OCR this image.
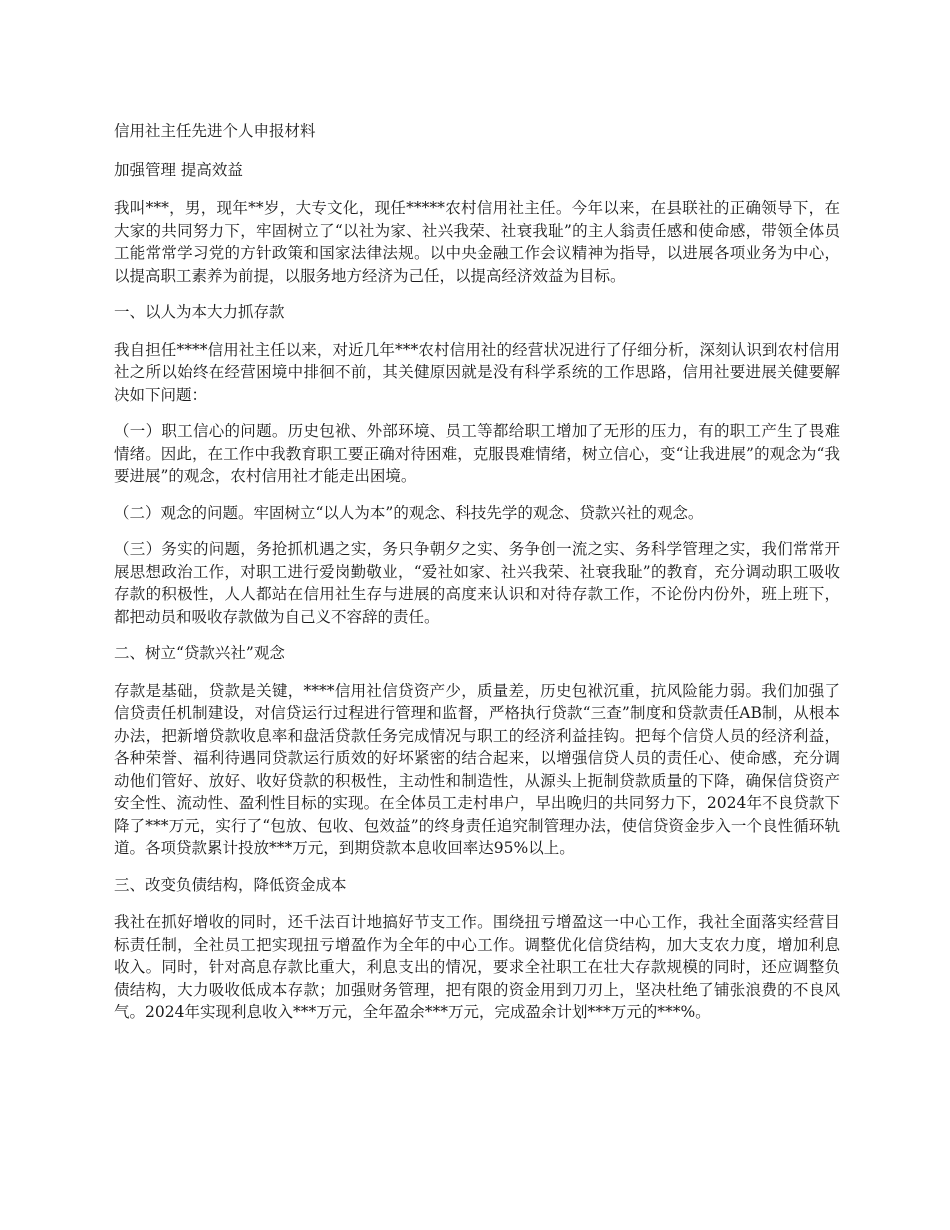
信用社主任先进个人申报材料

加强管理 提高效益

我叫***，男，现年**岁，大专文化，现任*****农村信用社主任。今年以来，在县联社的正确领导下，在大家的共同努力下，牢固树立了“以社为家、社兴我荣、社衰我耻”的主人翁责任感和使命感，带领全体员工能常常学习党的方针政策和国家法律法规。以中央金融工作会议精神为指导，以进展各项业务为中心，以提高职工素养为前提，以服务地方经济为己任，以提高经济效益为目标。

一、以人为本大力抓存款

我自担任****信用社主任以来，对近几年***农村信用社的经营状况进行了仔细分析，深刻认识到农村信用社之所以始终在经营困境中排徊不前，其关健原因就是没有科学系统的工作思路，信用社要进展关健要解决如下问题：

（一）职工信心的问题。历史包袱、外部环境、员工等都给职工增加了无形的压力，有的职工产生了畏难情绪。因此，在工作中我教育职工要正确对待困难，克服畏难情绪，树立信心，变“让我进展”的观念为“我要进展”的观念，农村信用社才能走出困境。

（二）观念的问题。牢固树立“以人为本”的观念、科技先学的观念、贷款兴社的观念。

（三）务实的问题，务抢抓机遇之实，务只争朝夕之实、务争创一流之实、务科学管理之实，我们常常开展思想政治工作，对职工进行爱岗勤敬业，“爱社如家、社兴我荣、社衰我耻”的教育，充分调动职工吸收存款的积极性，人人都站在信用社生存与进展的高度来认识和对待存款工作，不论份内份外，班上班下，都把动员和吸收存款做为自己义不容辞的责任。

二、树立“贷款兴社”观念

存款是基础，贷款是关键，****信用社信贷资产少，质量差，历史包袱沉重，抗风险能力弱。我们加强了信贷责任机制建设，对信贷运行过程进行管理和监督，严格执行贷款“三查”制度和贷款责任AB制，从根本办法，把新增贷款收息率和盘活贷款任务完成情况与职工的经济利益挂钩。把每个信贷人员的经济利益，各种荣誉、福利待遇同贷款运行质效的好坏紧密的结合起来，以增强信贷人员的责任心、使命感，充分调动他们管好、放好、收好贷款的积极性，主动性和制造性，从源头上扼制贷款质量的下降，确保信贷资产安全性、流动性、盈利性目标的实现。在全体员工走村串户，早出晚归的共同努力下，2024年不良贷款下降了***万元，实行了“包放、包收、包效益”的终身责任追究制管理办法，使信贷资金步入一个良性循环轨道。各项贷款累计投放***万元，到期贷款本息收回率达95%以上。

三、改变负债结构，降低资金成本

我社在抓好增收的同时，还千法百计地搞好节支工作。围绕扭亏增盈这一中心工作，我社全面落实经营目标责任制，全社员工把实现扭亏增盈作为全年的中心工作。调整优化信贷结构，加大支农力度，增加利息收入。同时，针对高息存款比重大，利息支出的情况，要求全社职工在壮大存款规模的同时，还应调整负债结构，大力吸收低成本存款；加强财务管理，把有限的资金用到刀刃上，坚决杜绝了铺张浪费的不良风气。2024年实现利息收入***万元，全年盈余***万元，完成盈余计划***万元的***%。
